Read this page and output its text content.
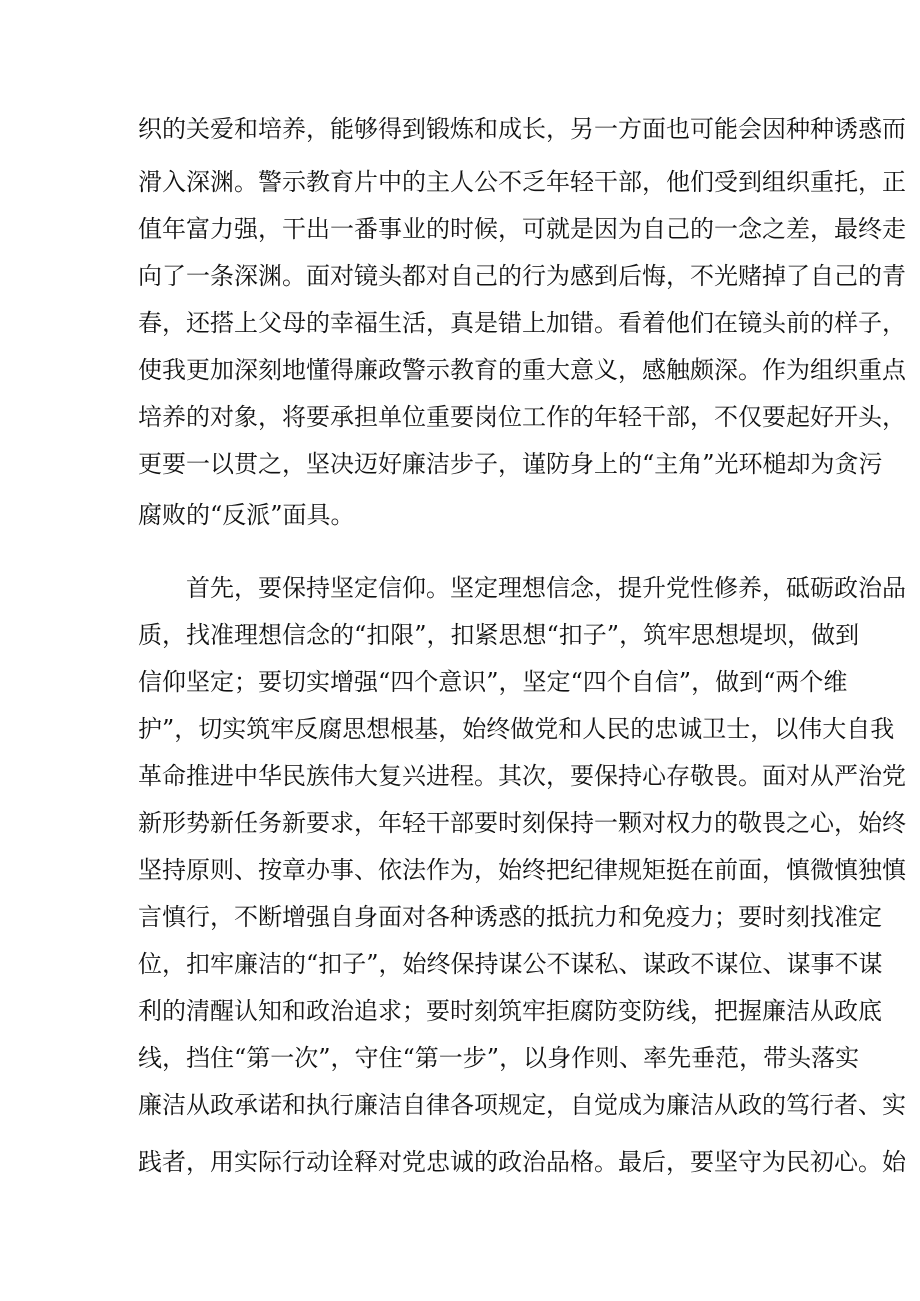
织的关爱和培养，能够得到锻炼和成长，另一方面也可能会因种种诱惑而
滑入深渊。警示教育片中的主人公不乏年轻干部，他们受到组织重托，正
值年富力强，干出一番事业的时候，可就是因为自己的一念之差，最终走
向了一条深渊。面对镜头都对自己的行为感到后悔，不光赌掉了自己的青
春，还搭上父母的幸福生活，真是错上加错。看着他们在镜头前的样子，
使我更加深刻地懂得廉政警示教育的重大意义，感触颇深。作为组织重点
培养的对象，将要承担单位重要岗位工作的年轻干部，不仅要起好开头，
更要一以贯之，坚决迈好廉洁步子，谨防身上的“主角”光环槌却为贪污
腐败的“反派”面具。
首先，要保持坚定信仰。坚定理想信念，提升党性修养，砥砺政治品
质，找准理想信念的“扣限”，扣紧思想“扣子”，筑牢思想堤坝，做到
信仰坚定；要切实增强“四个意识”，坚定“四个自信”，做到“两个维
护”，切实筑牢反腐思想根基，始终做党和人民的忠诚卫士，以伟大自我
革命推进中华民族伟大复兴进程。其次，要保持心存敬畏。面对从严治党
新形势新任务新要求，年轻干部要时刻保持一颗对权力的敬畏之心，始终
坚持原则、按章办事、依法作为，始终把纪律规矩挺在前面，慎微慎独慎
言慎行，不断增强自身面对各种诱惑的抵抗力和免疫力；要时刻找准定
位，扣牢廉洁的“扣子”，始终保持谋公不谋私、谋政不谋位、谋事不谋
利的清醒认知和政治追求；要时刻筑牢拒腐防变防线，把握廉洁从政底
线，挡住“第一次”，守住“第一步”，以身作则、率先垂范，带头落实
廉洁从政承诺和执行廉洁自律各项规定，自觉成为廉洁从政的笃行者、实
践者，用实际行动诠释对党忠诚的政治品格。最后，要坚守为民初心。始
